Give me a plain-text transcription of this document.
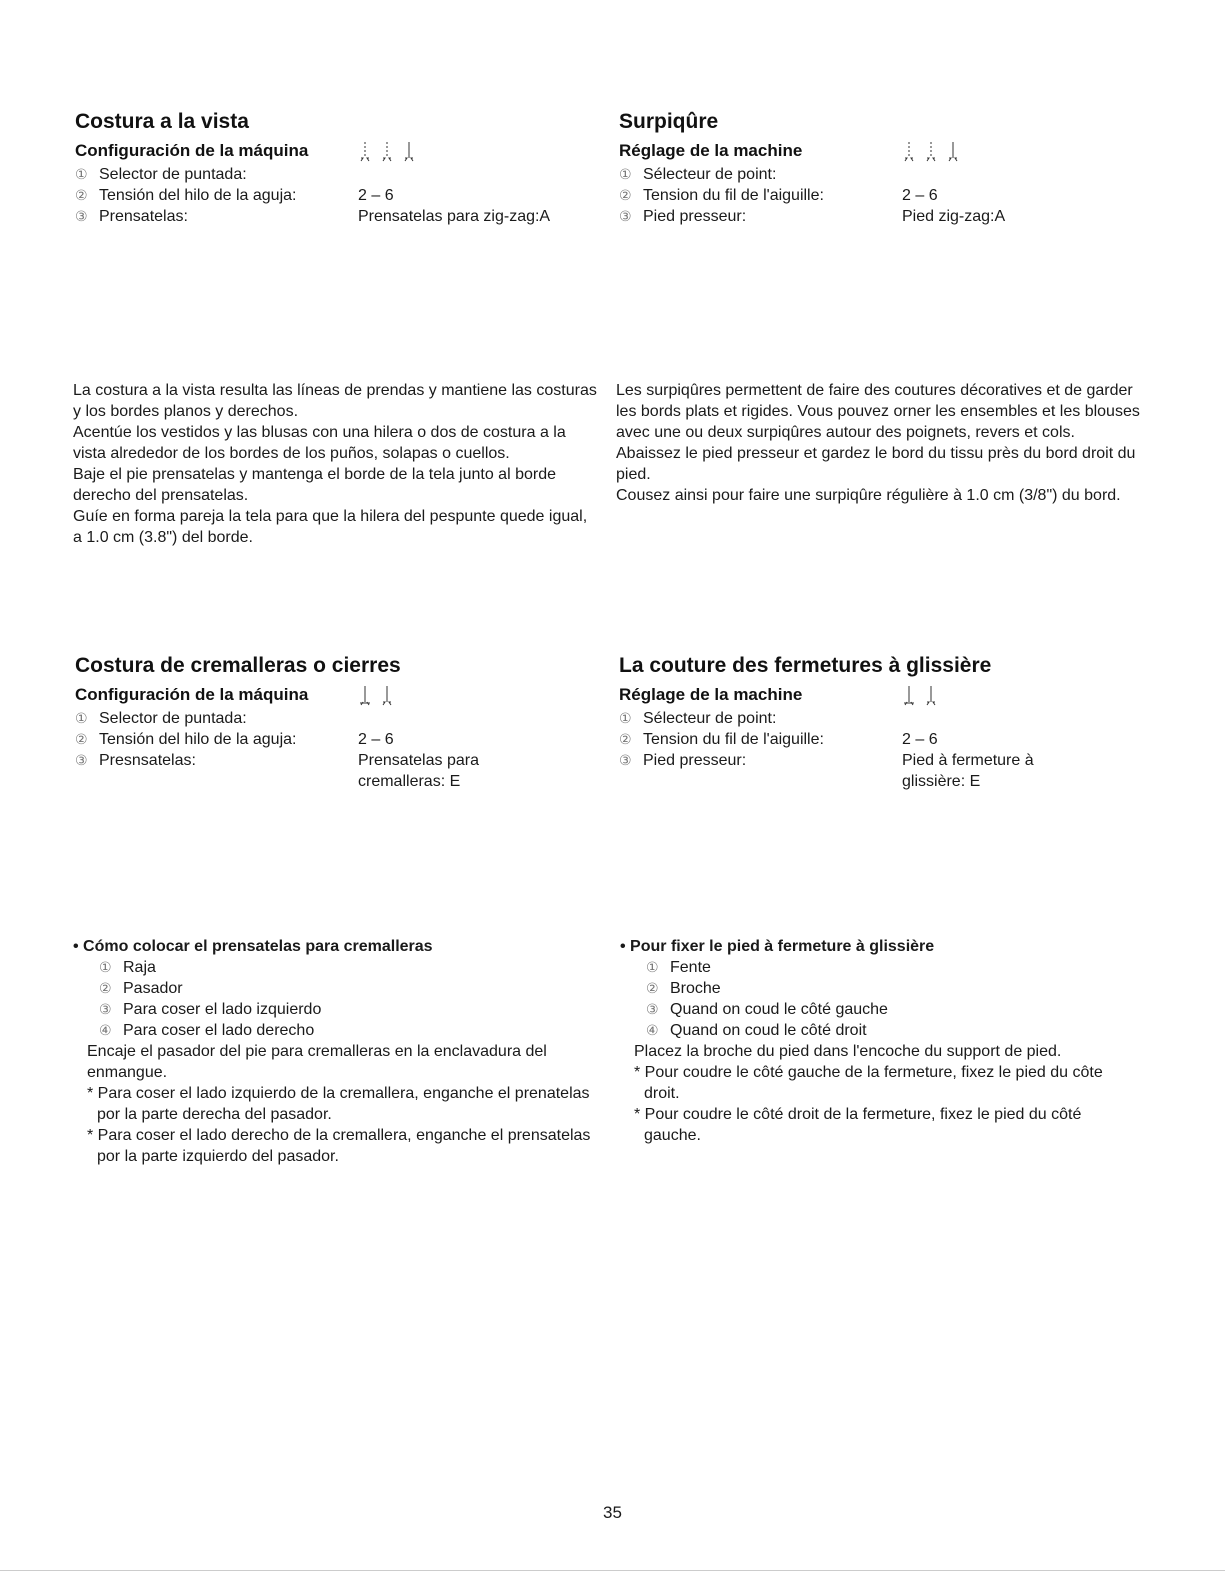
Costura a la vista
Configuración de la máquina
① Selector de puntada:
② Tensión del hilo de la aguja:	2 – 6
③ Prensatelas:	Prensatelas para zig-zag:A

La costura a la vista resulta las líneas de prendas y mantiene las costuras y los bordes planos y derechos.

Acentúe los vestidos y las blusas con una hilera o dos de costura a la vista alrededor de los bordes de los puños, solapas o cuellos.

Baje el pie prensatelas y mantenga el borde de la tela junto al borde derecho del prensatelas.

Guíe en forma pareja la tela para que la hilera del pespunte quede igual, a 1.0 cm (3.8") del borde.

Surpiqûre
Réglage de la machine
① Sélecteur de point:
② Tension du fil de l'aiguille:	2 – 6
③ Pied presseur:	Pied zig-zag:A

Les surpiqûres permettent de faire des coutures décoratives et de garder les bords plats et rigides. Vous pouvez orner les ensembles et les blouses avec une ou deux surpiqûres autour des poignets, revers et cols.

Abaissez le pied presseur et gardez le bord du tissu près du bord droit du pied.

Cousez ainsi pour faire une surpiqûre régulière à 1.0 cm (3/8") du bord.

Costura de cremalleras o cierres
Configuración de la máquina
① Selector de puntada:
② Tensión del hilo de la aguja:	2 – 6
③ Presnsatelas:	Prensatelas para cremalleras: E
La couture des fermetures à glissière
Réglage de la machine
① Sélecteur de point:
② Tension du fil de l'aiguille:	2 – 6
③ Pied presseur:	Pied à fermeture à glissière: E
• Cómo colocar el prensatelas para cremalleras
① Raja
② Pasador
③ Para coser el lado izquierdo
④ Para coser el lado derecho
Encaje el pasador del pie para cremalleras en la enclavadura del enmangue.
* Para coser el lado izquierdo de la cremallera, enganche el prenatelas por la parte derecha del pasador.
* Para coser el lado derecho de la cremallera, enganche el prensatelas por la parte izquierdo del pasador.
• Pour fixer le pied à fermeture à glissière
① Fente
② Broche
③ Quand on coud le côté gauche
④ Quand on coud le côté droit
Placez la broche du pied dans l'encoche du support de pied.
* Pour coudre le côté gauche de la fermeture, fixez le pied du côte droit.
* Pour coudre le côté droit de la fermeture, fixez le pied du côté gauche.
35
